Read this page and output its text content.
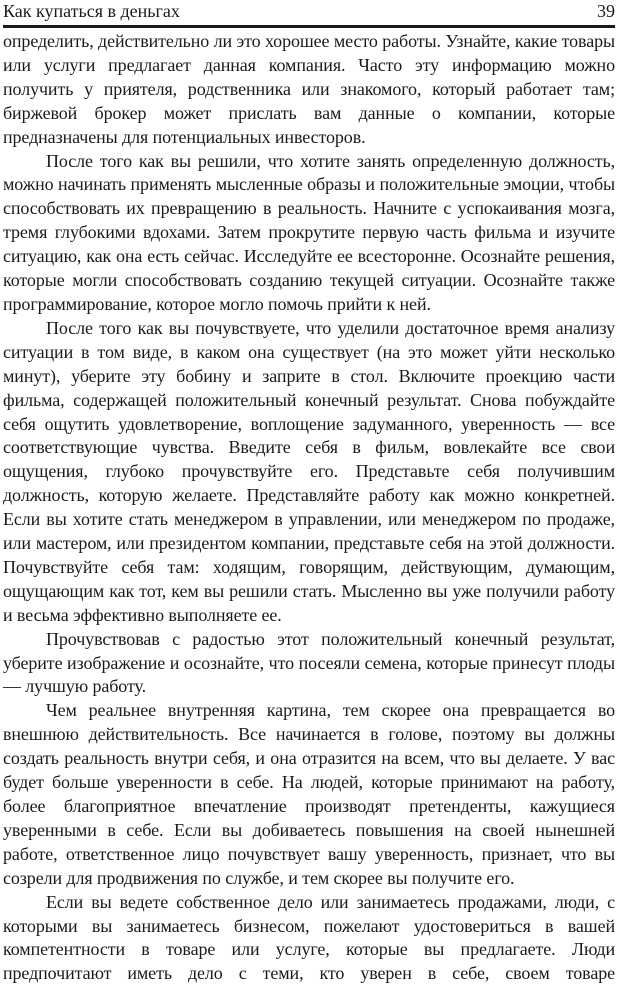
Как купаться в деньгах	39

определить, действительно ли это хорошее место работы. Узнайте, какие товары или услуги предлагает данная компания. Часто эту информацию можно получить у приятеля, родственника или знакомого, который работает там; биржевой брокер может прислать вам данные о компании, которые предназначены для потенциальных инвесторов.

После того как вы решили, что хотите занять определенную должность, можно начинать применять мысленные образы и положительные эмоции, чтобы способствовать их превращению в реальность. Начните с успокаивания мозга, тремя глубокими вдохами. Затем прокрутите первую часть фильма и изучите ситуацию, как она есть сейчас. Исследуйте ее всесторонне. Осознайте решения, которые могли способствовать созданию текущей ситуации. Осознайте также программирование, которое могло помочь прийти к ней.

После того как вы почувствуете, что уделили достаточное время анализу ситуации в том виде, в каком она существует (на это может уйти несколько минут), уберите эту бобину и заприте в стол. Включите проекцию части фильма, содержащей положительный конечный результат. Снова побуждайте себя ощутить удовлетворение, воплощение задуманного, уверенность — все соответствующие чувства. Введите себя в фильм, вовлекайте все свои ощущения, глубоко прочувствуйте его. Представьте себя получившим должность, которую желаете. Представляйте работу как можно конкретней. Если вы хотите стать менеджером в управлении, или менеджером по продаже, или мастером, или президентом компании, представьте себя на этой должности. Почувствуйте себя там: ходящим, говорящим, действующим, думающим, ощущающим как тот, кем вы решили стать. Мысленно вы уже получили работу и весьма эффективно выполняете ее.

Прочувствовав с радостью этот положительный конечный результат, уберите изображение и осознайте, что посеяли семена, которые принесут плоды — лучшую работу.

Чем реальнее внутренняя картина, тем скорее она превращается во внешнюю действительность. Все начинается в голове, поэтому вы должны создать реальность внутри себя, и она отразится на всем, что вы делаете. У вас будет больше уверенности в себе. На людей, которые принимают на работу, более благоприятное впечатление производят претенденты, кажущиеся уверенными в себе. Если вы добиваетесь повышения на своей нынешней работе, ответственное лицо почувствует вашу уверенность, признает, что вы созрели для продвижения по службе, и тем скорее вы получите его.

Если вы ведете собственное дело или занимаетесь продажами, люди, с которыми вы занимаетесь бизнесом, пожелают удостовериться в вашей компетентности в товаре или услуге, которые вы предлагаете. Люди предпочитают иметь дело с теми, кто уверен в себе, своем товаре
